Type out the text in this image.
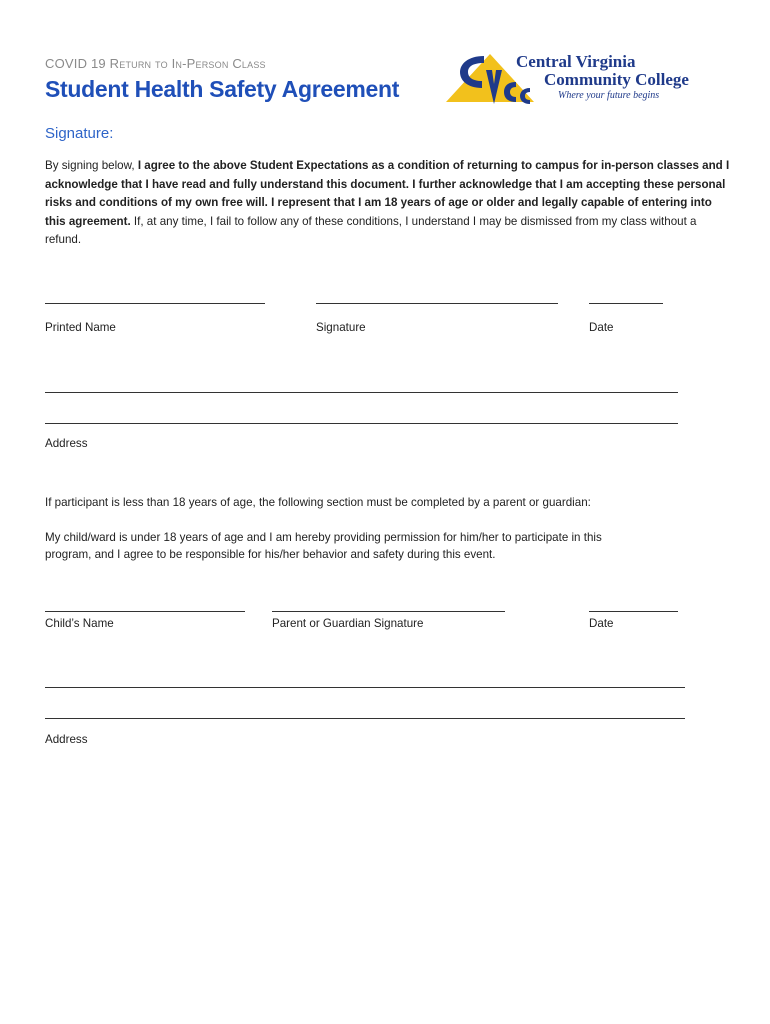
COVID 19 Return to In-Person Class
Student Health Safety Agreement
Central Virginia
Community College
Where your future begins
Signature:

By signing below, I agree to the above Student Expectations as a condition of returning to campus for in-person classes and I acknowledge that I have read and fully understand this document. I further acknowledge that I am accepting these personal risks and conditions of my own free will. I represent that I am 18 years of age or older and legally capable of entering into this agreement. If, at any time, I fail to follow any of these conditions, I understand I may be dismissed from my class without a refund.

Printed Name	Signature	Date
Address

If participant is less than 18 years of age, the following section must be completed by a parent or guardian:

My child/ward is under 18 years of age and I am hereby providing permission for him/her to participate in this program, and I agree to be responsible for his/her behavior and safety during this event.

Child’s Name	Parent or Guardian Signature	Date
Address
